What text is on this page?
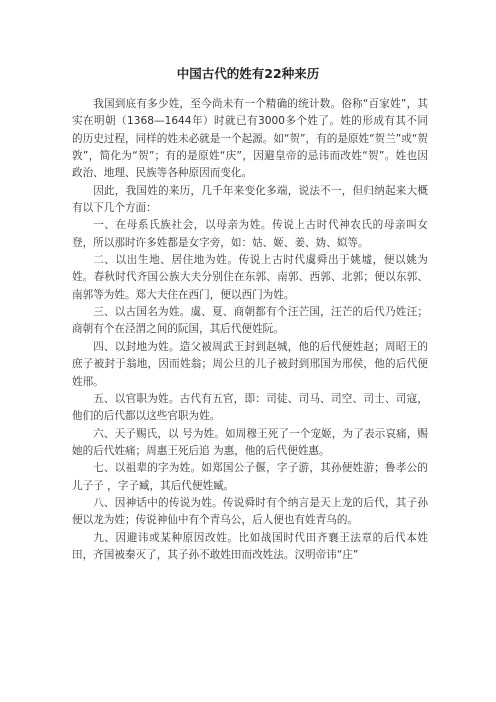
中国古代的姓有22种来历

我国到底有多少姓，至今尚未有一个精确的统计数。俗称“百家姓”，其实在明朝（1368—1644年）时就已有3000多个姓了。姓的形成有其不同的历史过程，同样的姓未必就是一个起源。如“贺”，有的是原姓“贺兰”或“贺敦”，简化为“贺”；有的是原姓“庆”，因避皇帝的忌讳而改姓“贺”。姓也因政治、地理、民族等各种原因而变化。

因此，我国姓的来历，几千年来变化多端，说法不一，但归纳起来大概有以下几个方面：

一、在母系氏族社会，以母亲为姓。传说上古时代神农氏的母亲叫女登，所以那时许多姓都是女字旁，如：姑、姬、姜、妫、姒等。

二、以出生地、居住地为姓。传说上古时代虞舜出于姚墟，便以姚为姓。春秋时代齐国公族大夫分别住在东郭、南郭、西郭、北郭；便以东郭、南郭等为姓。郑大夫住在西门，便以西门为姓。

三、以古国名为姓。虞、夏、商朝都有个汪芒国，汪芒的后代乃姓汪；商朝有个在泾渭之间的阮国，其后代便姓阮。

四、以封地为姓。造父被周武王封到赵城，他的后代便姓赵；周昭王的庶子被封于翁地，因而姓翁；周公旦的儿子被封到邢国为邢侯，他的后代便姓邢。

五、以官职为姓。古代有五官，即：司徒、司马、司空、司士、司寇，他们的后代都以这些官职为姓。

六、天子赐氏，以 号为姓。如周穆王死了一个宠姬，为了表示哀痛，赐她的后代姓痛；周惠王死后追 为惠，他的后代便姓惠。

七、以祖辈的字为姓。如郑国公子偃，字子游，其孙便姓游；鲁孝公的儿子子 ，字子臧，其后代便姓臧。

八、因神话中的传说为姓。传说舜时有个纳言是天上龙的后代，其子孙便以龙为姓；传说神仙中有个青乌公，后人便也有姓青乌的。

九、因避讳或某种原因改姓。比如战国时代田齐襄王法章的后代本姓田，齐国被秦灭了，其子孙不敢姓田而改姓法。汉明帝讳“庄”
